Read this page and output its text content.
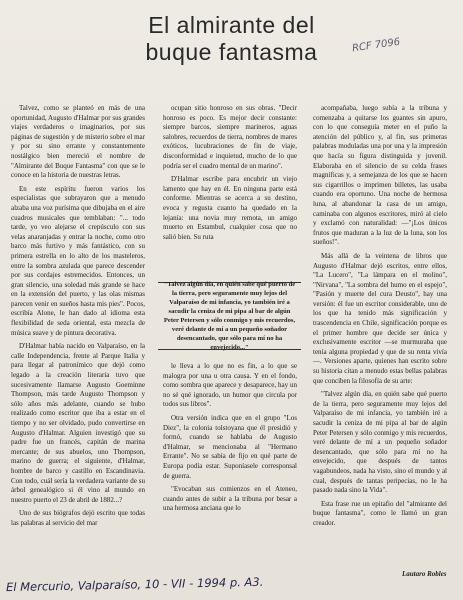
El almirante del
buque fantasma	RCF 7096

Talvez, como se planteó en más de una oportunidad, Augusto d'Halmar por sus grandes viajes verdaderos o imaginarios, por sus páginas de sugestión y de misterio sobre el mar y por su sino errante y constantemente nostálgico bien mereció el nombre de "Almirante del Buque Fantasma" con que se le conoce en la historia de nuestras letras.

En este espíritu fueron varios los especialistas que subrayaron que a menudo alzaba una voz purísima que dibujaba en el aire cuadros musicales que temblaban: "... todo tarde, yo veo alejarse el crepúsculo con sus velas anaranjadas y entrar la noche, como otro barco más furtivo y más fantástico, con su primera estrella en lo alto de los masteleros, entre la sombra azulada que parece descender por sus cordajes estremecidos. Entonces, un gran silencio, una soledad más grande se hace en la extensión del puerto, y las olas mismas parecen venir en sueños hasta mis pies". Pocos, escribía Alone, le han dado al idioma esta flexibilidad de seda oriental, esta mezcla de música suave y de pintura decorativa.

D'Halmar había nacido en Valparaíso, en la calle Independencia, frente al Parque Italia y para llegar al patronímico que dejó como legado a la creación literaria tuvo que sucesivamente llamarse Augusto Goeminne Thompson, más tarde Augusto Thompson y sólo años más adelante, cuando se hubo realizado como escritor que iba a estar en el tiempo y no ser olvidado, pudo convertirse en Augusto d'Halmar. Alguien investigó que su padre fue un francés, capitán de marina mercante; de sus abuelos, uno Thompson, marino de guerra; el siguiente, d'Halmar, hombre de barco y castillo en Escandinavia. Con todo, cuál sería la verdadera variante de su árbol genealógico si él vino al mundo en nuestro puerto el 23 de abril de 1882...?

Uno de sus biógrafos dejó escrito que todas las palabras al servicio del mar

ocupan sitio honroso en sus obras. "Decir honroso es poco. Es mejor decir constante: siempre barcos, siempre marineros, aguas salobres, recuerdos de tierra, nombres de mares exóticos, lucubraciones de fin de viaje, disconformidad e inquietud, mucho de lo que podría ser el cuadro mental de un marino".

D'Halmar escribe para encubrir un viejo lamento que hay en él. En ninguna parte está conforme. Mientras se acerca a su destino, evoca y regusta cuanto ha quedado en la lejanía: una novia muy remota, un amigo muerto en Estambul, cualquier cosa que no salió bien. Su ruta

"Talvez algún día, en quién sabe qué puerto de la tierra, pero seguramente muy lejos del Valparaíso de mi infancia, yo también iré a sacudir la ceniza de mi pipa al bar de algún Peter Petersen y sólo conmigo y mis recuerdos, veré delante de mí a un pequeño soñador desencantado, que sólo para mí no ha envejecido..."

le lleva a lo que no es fin, a lo que se malogra por una u otra causa. Y en el fondo, como sombra que aparece y desaparece, hay un no sé qué ignorado, un humor que circula por todos sus libros".

Otra versión indica que en el grupo "Los Diez", la colonia tolstoyana que él presidió y formó, cuando se hablaba de Augusto d'Halmar, se mencionaba al "Hermano Errante". No se sabía de fijo en qué parte de Europa podía estar. Suponíasele corresponsal de guerra.

"Evocaban sus comienzos en el Ateneo, cuando antes de subir a la tribuna por besar a una hermosa anciana que lo

acompañaba, luego subía a la tribuna y comenzaba a quitarse los guantes sin apuro, con lo que conseguía meter en el puño la atención del público y, al fin, sus primeras palabras moduladas una por una y la impresión que hacía su figura distinguida y juvenil. Elaboraba en el silencio de su celda frases magníficas y, a semejanza de los que se hacen sus cigarrillos o imprimen billetes, las usaba cuando era oportuno. Una noche de hermosa luna, al abandonar la casa de un amigo, caminaba con algunos escritores, miró al cielo y exclamó con naturalidad: —"¡Los únicos frutos que maduran a la luz de la luna, son los sueños!".

Más allá de la veintena de libros que Augusto d'Halmar dejó escritos, entre ellos, "La Lucero", "La lámpara en el molino", "Nirvana", "La sombra del humo en el espejo", "Pasión y muerte del cura Deusto", hay una versión: él fue un escritor considerable, uno de los que ha tenido más significación y trascendencia en Chile, significación porque es el primer hombre que decide ser única y exclusivamente escritor —se murmuraba que tenía alguna propiedad y que de su renta vivía—. Versiones aparte, quienes han escrito sobre su historia citan a menudo estas bellas palabras que conciben la filosofía de su arte:

"Talvez algún día, en quién sabe qué puerto de la tierra, pero seguramente muy lejos del Valparaíso de mi infancia, yo también iré a sacudir la ceniza de mi pipa al bar de algún Peter Petersen y sólo conmigo y mis recuerdos, veré delante de mí a un pequeño soñador desencantado, que sólo para mí no ha envejecido, que después de tantos vagabundeos, nada ha visto, sino el mundo y al cual, después de tantas peripecias, no le ha pasado nada sino la Vida".

Esta frase rue un epitafio del "almirante del buque fantasma", como le llamó un gran creador.

Lautaro Robles
El Mercurio, Valparaíso, 10 - VII - 1994 p. A3.
